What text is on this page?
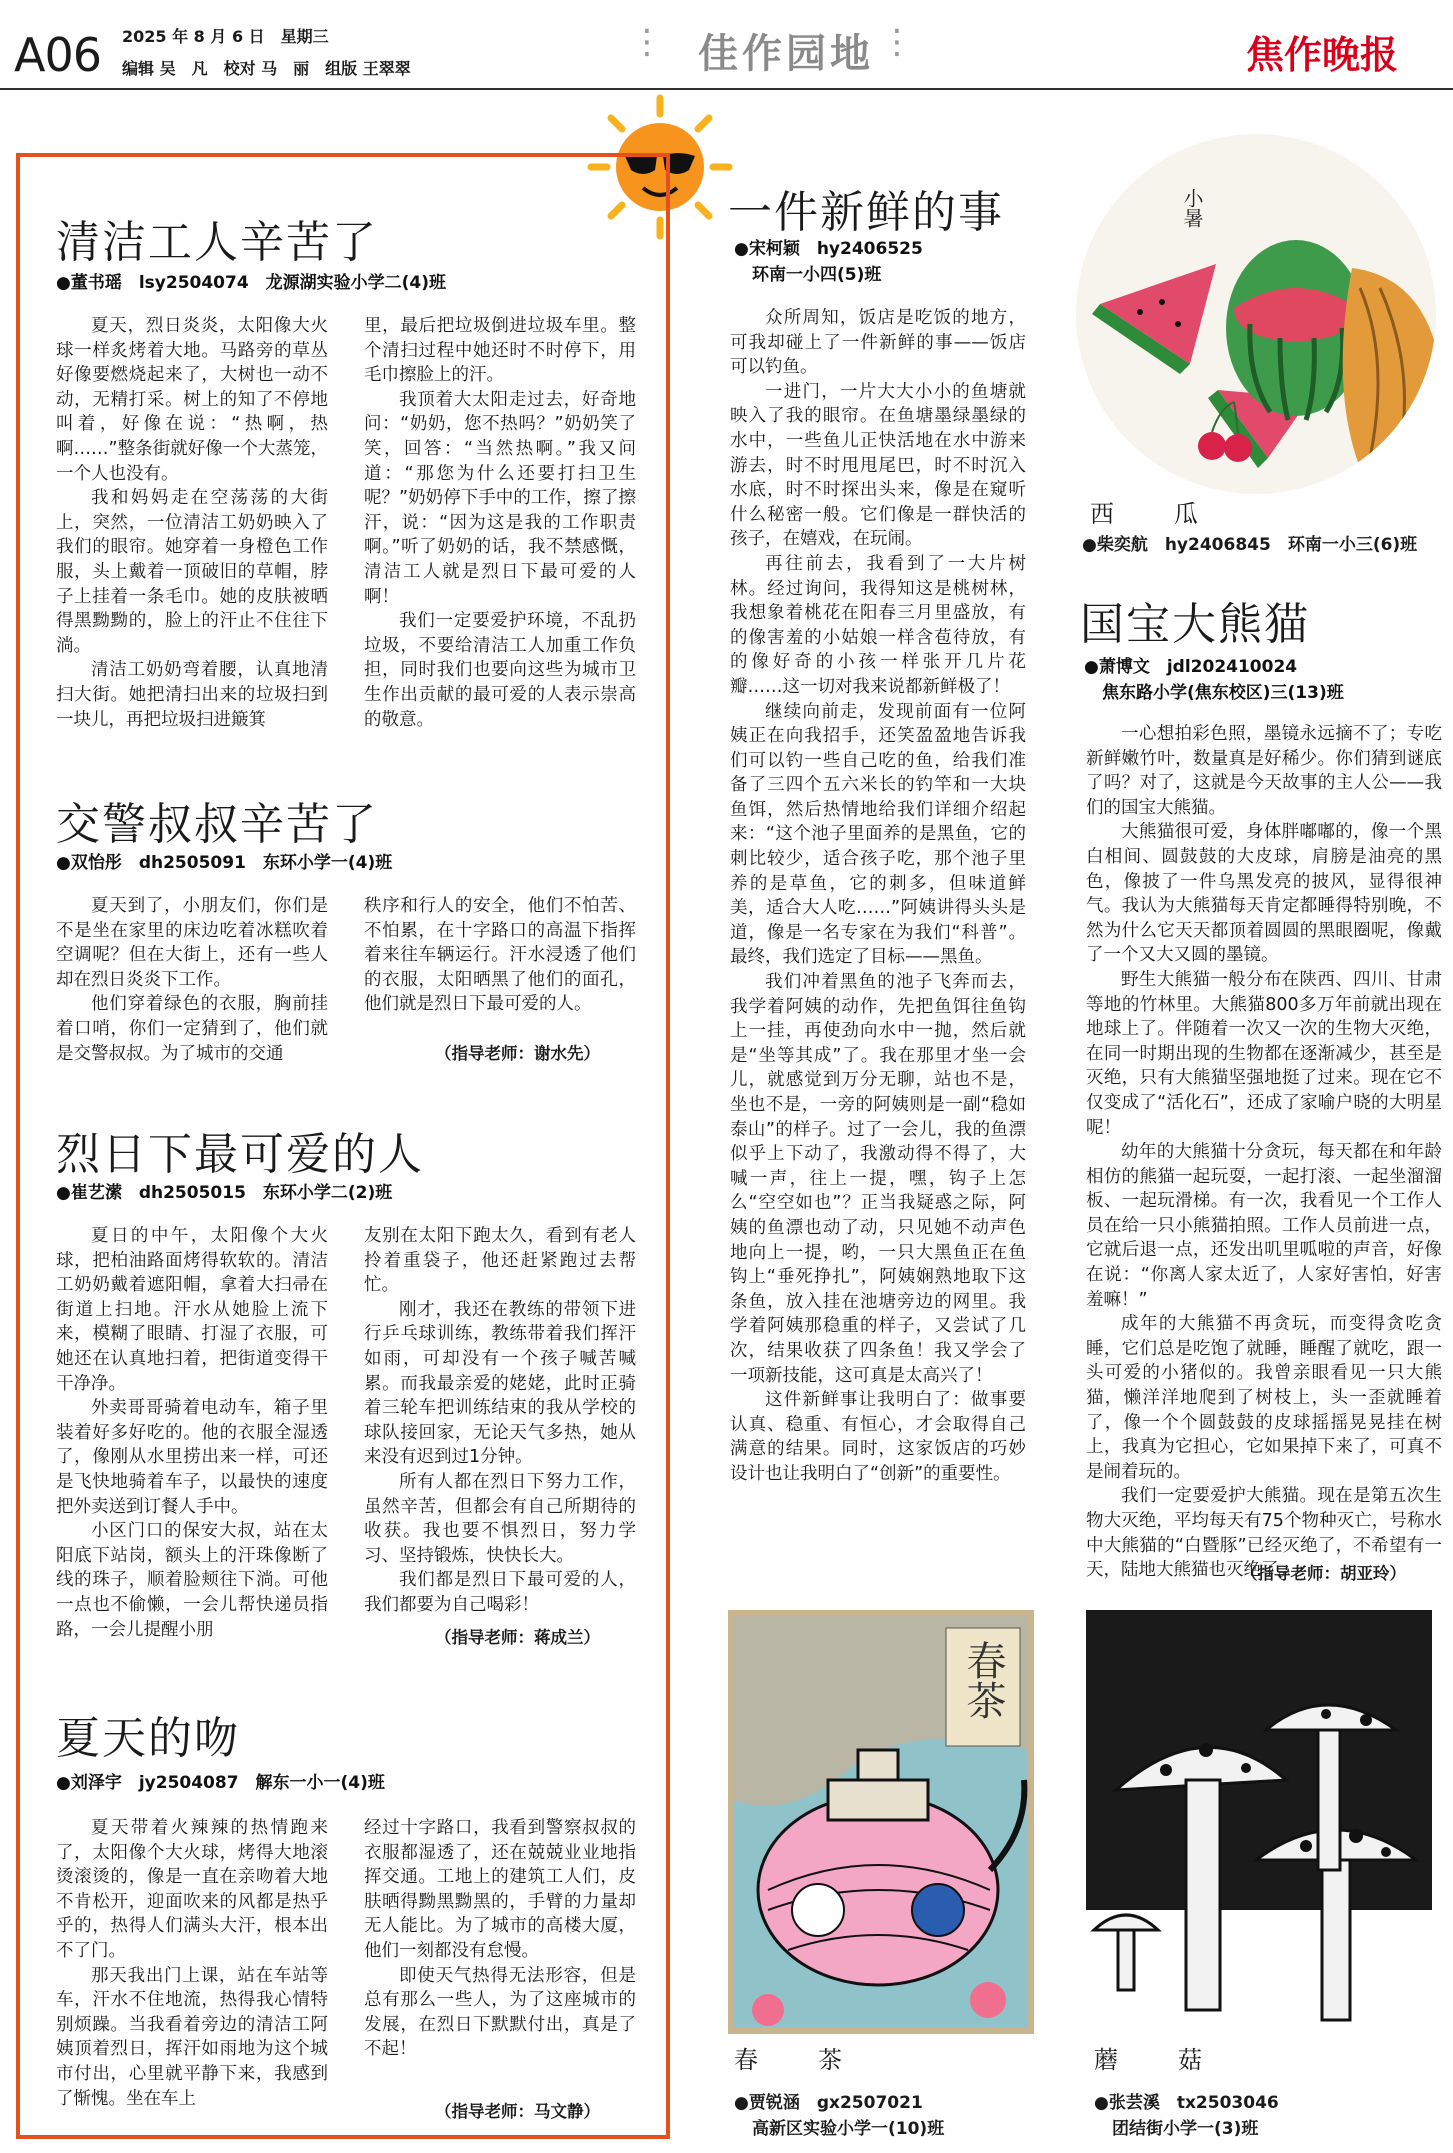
A06 2025 年 8 月 6 日　星期三
编辑 吴　凡　校对 马　丽　组版 王翠翠
⋮ 佳作园地 ⋮	焦作晚报
清洁工人辛苦了
●董书瑶　lsy2504074　龙源湖实验小学二(4)班

夏天，烈日炎炎，太阳像大火球一样炙烤着大地。马路旁的草丛好像要燃烧起来了，大树也一动不动，无精打采。树上的知了不停地叫着，好像在说：“热啊，热啊……”整条街就好像一个大蒸笼，一个人也没有。

我和妈妈走在空荡荡的大街上，突然，一位清洁工奶奶映入了我们的眼帘。她穿着一身橙色工作服，头上戴着一顶破旧的草帽，脖子上挂着一条毛巾。她的皮肤被晒得黑黝黝的，脸上的汗止不住往下淌。

清洁工奶奶弯着腰，认真地清扫大街。她把清扫出来的垃圾扫到一块儿，再把垃圾扫进簸箕

里，最后把垃圾倒进垃圾车里。整个清扫过程中她还时不时停下，用毛巾擦脸上的汗。

我顶着大太阳走过去，好奇地问：“奶奶，您不热吗？”奶奶笑了笑，回答：“当然热啊。”我又问道：“那您为什么还要打扫卫生呢？”奶奶停下手中的工作，擦了擦汗，说：“因为这是我的工作职责啊。”听了奶奶的话，我不禁感慨，清洁工人就是烈日下最可爱的人啊！

我们一定要爱护环境，不乱扔垃圾，不要给清洁工人加重工作负担，同时我们也要向这些为城市卫生作出贡献的最可爱的人表示崇高的敬意。

交警叔叔辛苦了
●双怡彤　dh2505091　东环小学一(4)班

夏天到了，小朋友们，你们是不是坐在家里的床边吃着冰糕吹着空调呢？但在大街上，还有一些人却在烈日炎炎下工作。

他们穿着绿色的衣服，胸前挂着口哨，你们一定猜到了，他们就是交警叔叔。为了城市的交通

秩序和行人的安全，他们不怕苦、不怕累，在十字路口的高温下指挥着来往车辆运行。汗水浸透了他们的衣服，太阳晒黑了他们的面孔，他们就是烈日下最可爱的人。

（指导老师：谢水先）
烈日下最可爱的人
●崔艺潆　dh2505015　东环小学二(2)班

夏日的中午，太阳像个大火球，把柏油路面烤得软软的。清洁工奶奶戴着遮阳帽，拿着大扫帚在街道上扫地。汗水从她脸上流下来，模糊了眼睛、打湿了衣服，可她还在认真地扫着，把街道变得干干净净。

外卖哥哥骑着电动车，箱子里装着好多好吃的。他的衣服全湿透了，像刚从水里捞出来一样，可还是飞快地骑着车子，以最快的速度把外卖送到订餐人手中。

小区门口的保安大叔，站在太阳底下站岗，额头上的汗珠像断了线的珠子，顺着脸颊往下淌。可他一点也不偷懒，一会儿帮快递员指路，一会儿提醒小朋

友别在太阳下跑太久，看到有老人拎着重袋子，他还赶紧跑过去帮忙。

刚才，我还在教练的带领下进行乒乓球训练，教练带着我们挥汗如雨，可却没有一个孩子喊苦喊累。而我最亲爱的姥姥，此时正骑着三轮车把训练结束的我从学校的球队接回家，无论天气多热，她从来没有迟到过1分钟。

所有人都在烈日下努力工作，虽然辛苦，但都会有自己所期待的收获。我也要不惧烈日，努力学习、坚持锻炼，快快长大。

我们都是烈日下最可爱的人，我们都要为自己喝彩！

（指导老师：蒋成兰）
夏天的吻
●刘泽宇　jy2504087　解东一小一(4)班

夏天带着火辣辣的热情跑来了，太阳像个大火球，烤得大地滚烫滚烫的，像是一直在亲吻着大地不肯松开，迎面吹来的风都是热乎乎的，热得人们满头大汗，根本出不了门。

那天我出门上课，站在车站等车，汗水不住地流，热得我心情特别烦躁。当我看着旁边的清洁工阿姨顶着烈日，挥汗如雨地为这个城市付出，心里就平静下来，我感到了惭愧。坐在车上

经过十字路口，我看到警察叔叔的衣服都湿透了，还在兢兢业业地指挥交通。工地上的建筑工人们，皮肤晒得黝黑黝黑的，手臂的力量却无人能比。为了城市的高楼大厦，他们一刻都没有怠慢。

即使天气热得无法形容，但是总有那么一些人，为了这座城市的发展，在烈日下默默付出，真是了不起！

（指导老师：马文静）
一件新鲜的事
●宋柯颖　hy2406525
环南一小四(5)班

众所周知，饭店是吃饭的地方，可我却碰上了一件新鲜的事——饭店可以钓鱼。

一进门，一片大大小小的鱼塘就映入了我的眼帘。在鱼塘墨绿墨绿的水中，一些鱼儿正快活地在水中游来游去，时不时甩甩尾巴，时不时沉入水底，时不时探出头来，像是在窥听什么秘密一般。它们像是一群快活的孩子，在嬉戏，在玩闹。

再往前去，我看到了一大片树林。经过询问，我得知这是桃树林，我想象着桃花在阳春三月里盛放，有的像害羞的小姑娘一样含苞待放，有的像好奇的小孩一样张开几片花瓣……这一切对我来说都新鲜极了！

继续向前走，发现前面有一位阿姨正在向我招手，还笑盈盈地告诉我们可以钓一些自己吃的鱼，给我们准备了三四个五六米长的钓竿和一大块鱼饵，然后热情地给我们详细介绍起来：“这个池子里面养的是黑鱼，它的刺比较少，适合孩子吃，那个池子里养的是草鱼，它的刺多，但味道鲜美，适合大人吃……”阿姨讲得头头是道，像是一名专家在为我们“科普”。最终，我们选定了目标——黑鱼。

我们冲着黑鱼的池子飞奔而去，我学着阿姨的动作，先把鱼饵往鱼钩上一挂，再使劲向水中一抛，然后就是“坐等其成”了。我在那里才坐一会儿，就感觉到万分无聊，站也不是，坐也不是，一旁的阿姨则是一副“稳如泰山”的样子。过了一会儿，我的鱼漂似乎上下动了，我激动得不得了，大喊一声，往上一提，嘿，钩子上怎么“空空如也”？正当我疑惑之际，阿姨的鱼漂也动了动，只见她不动声色地向上一提，哟，一只大黑鱼正在鱼钩上“垂死挣扎”，阿姨娴熟地取下这条鱼，放入挂在池塘旁边的网里。我学着阿姨那稳重的样子，又尝试了几次，结果收获了四条鱼！我又学会了一项新技能，这可真是太高兴了！

这件新鲜事让我明白了：做事要认真、稳重、有恒心，才会取得自己满意的结果。同时，这家饭店的巧妙设计也让我明白了“创新”的重要性。

小暑
西　瓜
●柴奕航　hy2406845　环南一小三(6)班
国宝大熊猫
●萧博文　jdl202410024
焦东路小学(焦东校区)三(13)班

一心想拍彩色照，墨镜永远摘不了；专吃新鲜嫩竹叶，数量真是好稀少。你们猜到谜底了吗？对了，这就是今天故事的主人公——我们的国宝大熊猫。

大熊猫很可爱，身体胖嘟嘟的，像一个黑白相间、圆鼓鼓的大皮球，肩膀是油亮的黑色，像披了一件乌黑发亮的披风，显得很神气。我认为大熊猫每天肯定都睡得特别晚，不然为什么它天天都顶着圆圆的黑眼圈呢，像戴了一个又大又圆的墨镜。

野生大熊猫一般分布在陕西、四川、甘肃等地的竹林里。大熊猫800多万年前就出现在地球上了。伴随着一次又一次的生物大灭绝，在同一时期出现的生物都在逐渐减少，甚至是灭绝，只有大熊猫坚强地挺了过来。现在它不仅变成了“活化石”，还成了家喻户晓的大明星呢！

幼年的大熊猫十分贪玩，每天都在和年龄相仿的熊猫一起玩耍，一起打滚、一起坐溜溜板、一起玩滑梯。有一次，我看见一个工作人员在给一只小熊猫拍照。工作人员前进一点，它就后退一点，还发出叽里呱啦的声音，好像在说：“你离人家太近了，人家好害怕，好害羞嘛！”

成年的大熊猫不再贪玩，而变得贪吃贪睡，它们总是吃饱了就睡，睡醒了就吃，跟一头可爱的小猪似的。我曾亲眼看见一只大熊猫，懒洋洋地爬到了树枝上，头一歪就睡着了，像一个个圆鼓鼓的皮球摇摇晃晃挂在树上，我真为它担心，它如果掉下来了，可真不是闹着玩的。

我们一定要爱护大熊猫。现在是第五次生物大灭绝，平均每天有75个物种灭亡，号称水中大熊猫的“白暨豚”已经灭绝了，不希望有一天，陆地大熊猫也灭绝了。

（指导老师：胡亚玲）
春茶
春　茶
●贾锐涵　gx2507021
高新区实验小学一(10)班
蘑　菇
●张芸溪　tx2503046
团结街小学一(3)班
